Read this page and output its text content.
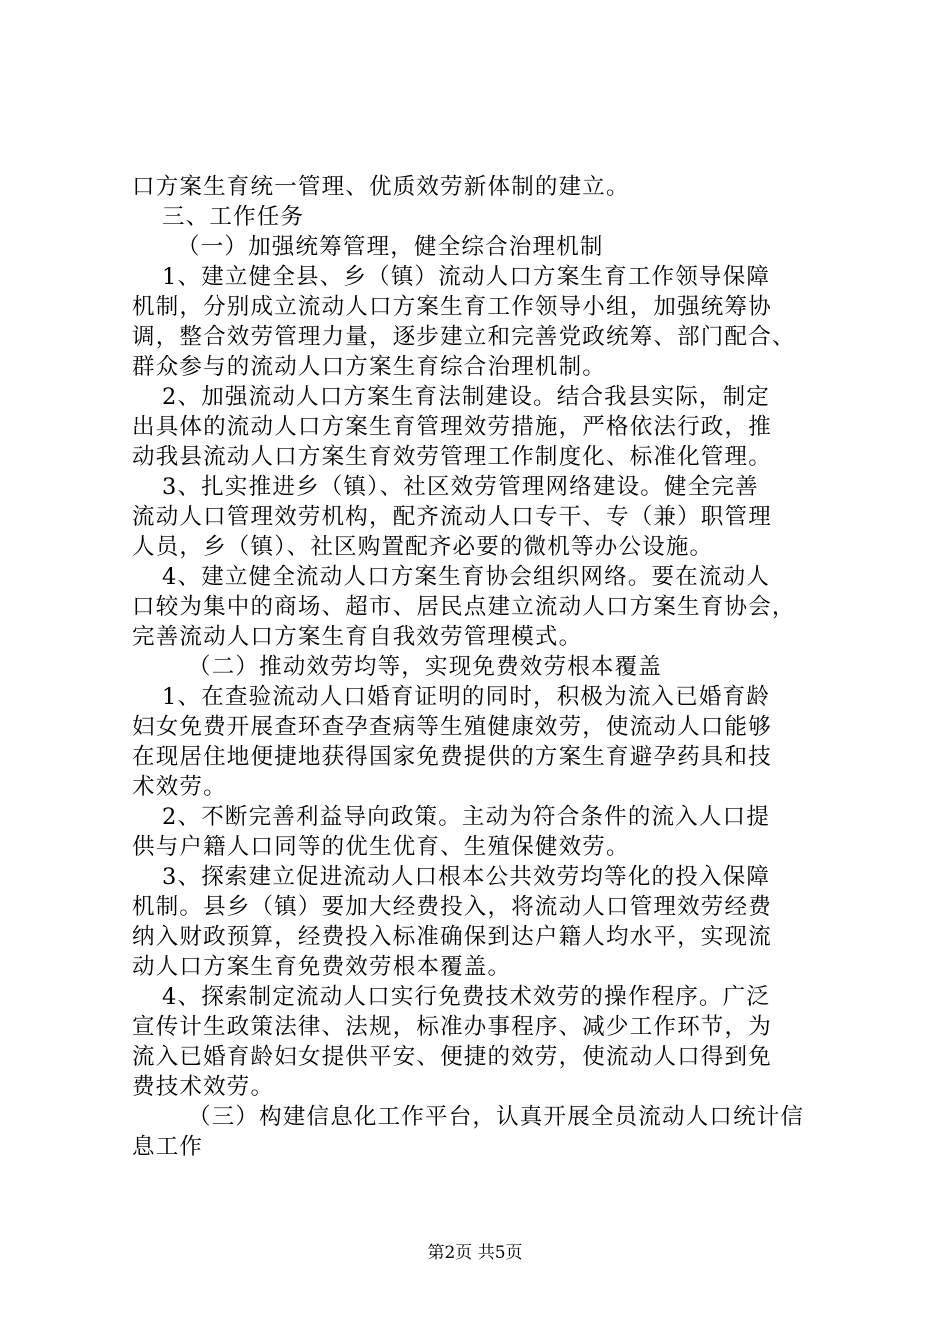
口方案生育统一管理、优质效劳新体制的建立。
三、工作任务
（一）加强统筹管理，健全综合治理机制
1、建立健全县、乡（镇）流动人口方案生育工作领导保障
机制，分别成立流动人口方案生育工作领导小组，加强统筹协
调，整合效劳管理力量，逐步建立和完善党政统筹、部门配合、
群众参与的流动人口方案生育综合治理机制。
2、加强流动人口方案生育法制建设。结合我县实际，制定
出具体的流动人口方案生育管理效劳措施，严格依法行政，推
动我县流动人口方案生育效劳管理工作制度化、标准化管理。
3、扎实推进乡（镇）、社区效劳管理网络建设。健全完善
流动人口管理效劳机构，配齐流动人口专干、专（兼）职管理
人员，乡（镇）、社区购置配齐必要的微机等办公设施。
4、建立健全流动人口方案生育协会组织网络。要在流动人
口较为集中的商场、超市、居民点建立流动人口方案生育协会，
完善流动人口方案生育自我效劳管理模式。
（二）推动效劳均等，实现免费效劳根本覆盖
1、在查验流动人口婚育证明的同时，积极为流入已婚育龄
妇女免费开展查环查孕查病等生殖健康效劳，使流动人口能够
在现居住地便捷地获得国家免费提供的方案生育避孕药具和技
术效劳。
2、不断完善利益导向政策。主动为符合条件的流入人口提
供与户籍人口同等的优生优育、生殖保健效劳。
3、探索建立促进流动人口根本公共效劳均等化的投入保障
机制。县乡（镇）要加大经费投入，将流动人口管理效劳经费
纳入财政预算，经费投入标准确保到达户籍人均水平，实现流
动人口方案生育免费效劳根本覆盖。
4、探索制定流动人口实行免费技术效劳的操作程序。广泛
宣传计生政策法律、法规，标准办事程序、减少工作环节，为
流入已婚育龄妇女提供平安、便捷的效劳，使流动人口得到免
费技术效劳。
（三）构建信息化工作平台，认真开展全员流动人口统计信
息工作
第2页 共5页
